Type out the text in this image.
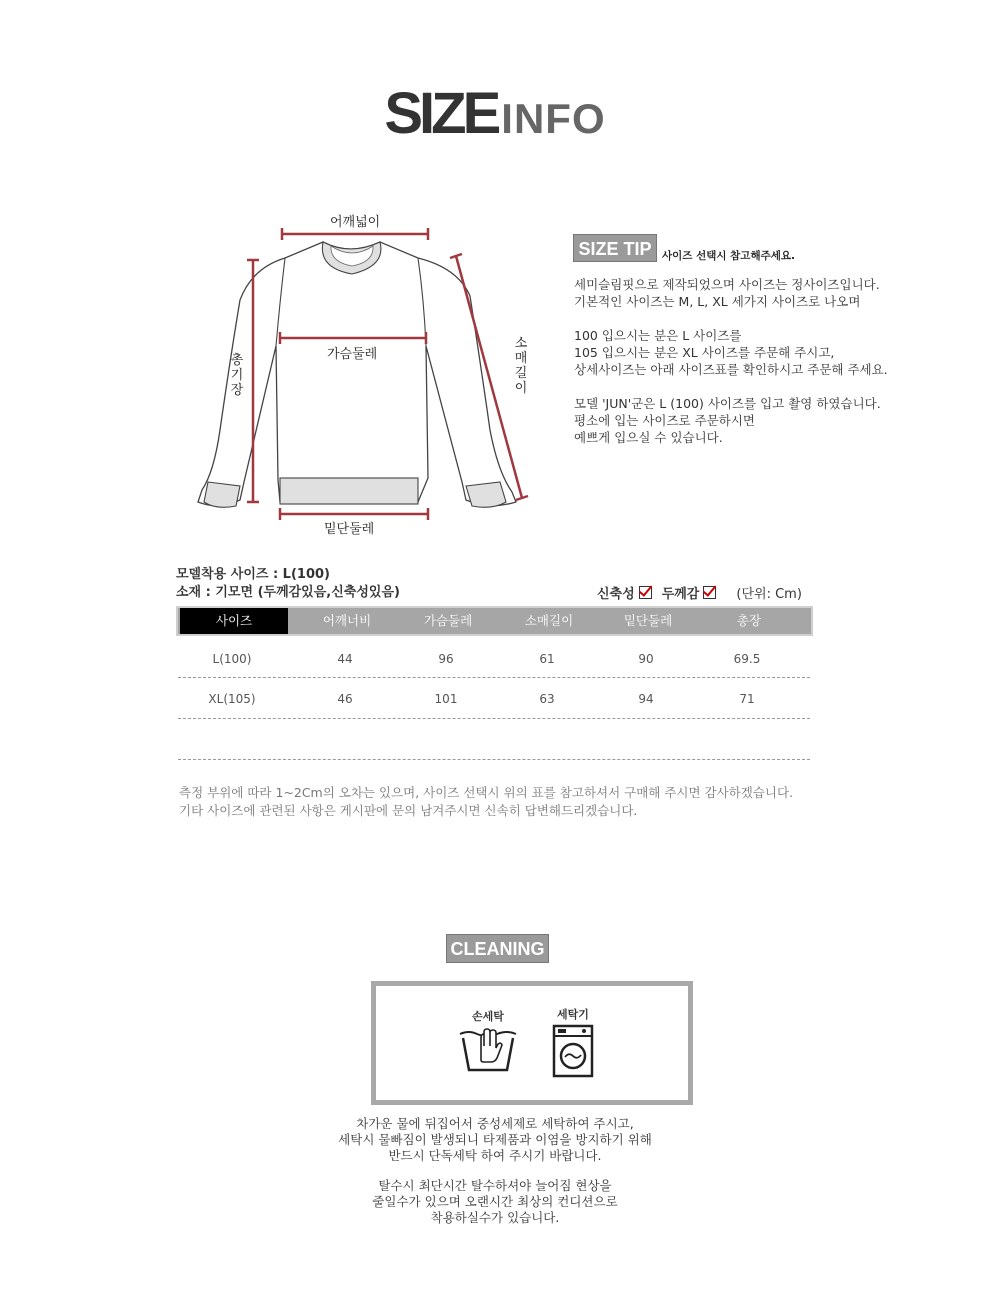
SIZEINFO
어깨넓이
가슴둘레
밑단둘레
총
기
장
소
매
길
이
SIZE TIP	사이즈 선택시 참고해주세요.

세미슬림핏으로 제작되었으며 사이즈는 정사이즈입니다.

기본적인 사이즈는 M, L, XL 세가지 사이즈로 나오며

100 입으시는 분은 L 사이즈를

105 입으시는 분은 XL 사이즈를 주문해 주시고,

상세사이즈는 아래 사이즈표를 확인하시고 주문해 주세요.

모델 'JUN'군은 L (100) 사이즈를 입고 촬영 하였습니다.

평소에 입는 사이즈로 주문하시면

예쁘게 입으실 수 있습니다.

모델착용 사이즈 : L(100)
소재 : 기모면 (두께감있음,신축성있음)	신축성 두께감	(단위: Cm)
사이즈	어깨너비	가슴둘레	소매길이	밑단둘레	총장
L(100)	44	96	61	90	69.5
XL(105)	46	101	63	94	71

측정 부위에 따라 1~2Cm의 오차는 있으며, 사이즈 선택시 위의 표를 참고하셔서 구매해 주시면 감사하겠습니다.

기타 사이즈에 관련된 사항은 게시판에 문의 남겨주시면 신속히 답변해드리겠습니다.

CLEANING
손세탁	세탁기

차가운 물에 뒤집어서 중성세제로 세탁하여 주시고,

세탁시 물빠짐이 발생되니 타제품과 이염을 방지하기 위해

반드시 단독세탁 하여 주시기 바랍니다.

탈수시 최단시간 탈수하셔야 늘어짐 현상을

줄일수가 있으며 오랜시간 최상의 컨디션으로

착용하실수가 있습니다.
